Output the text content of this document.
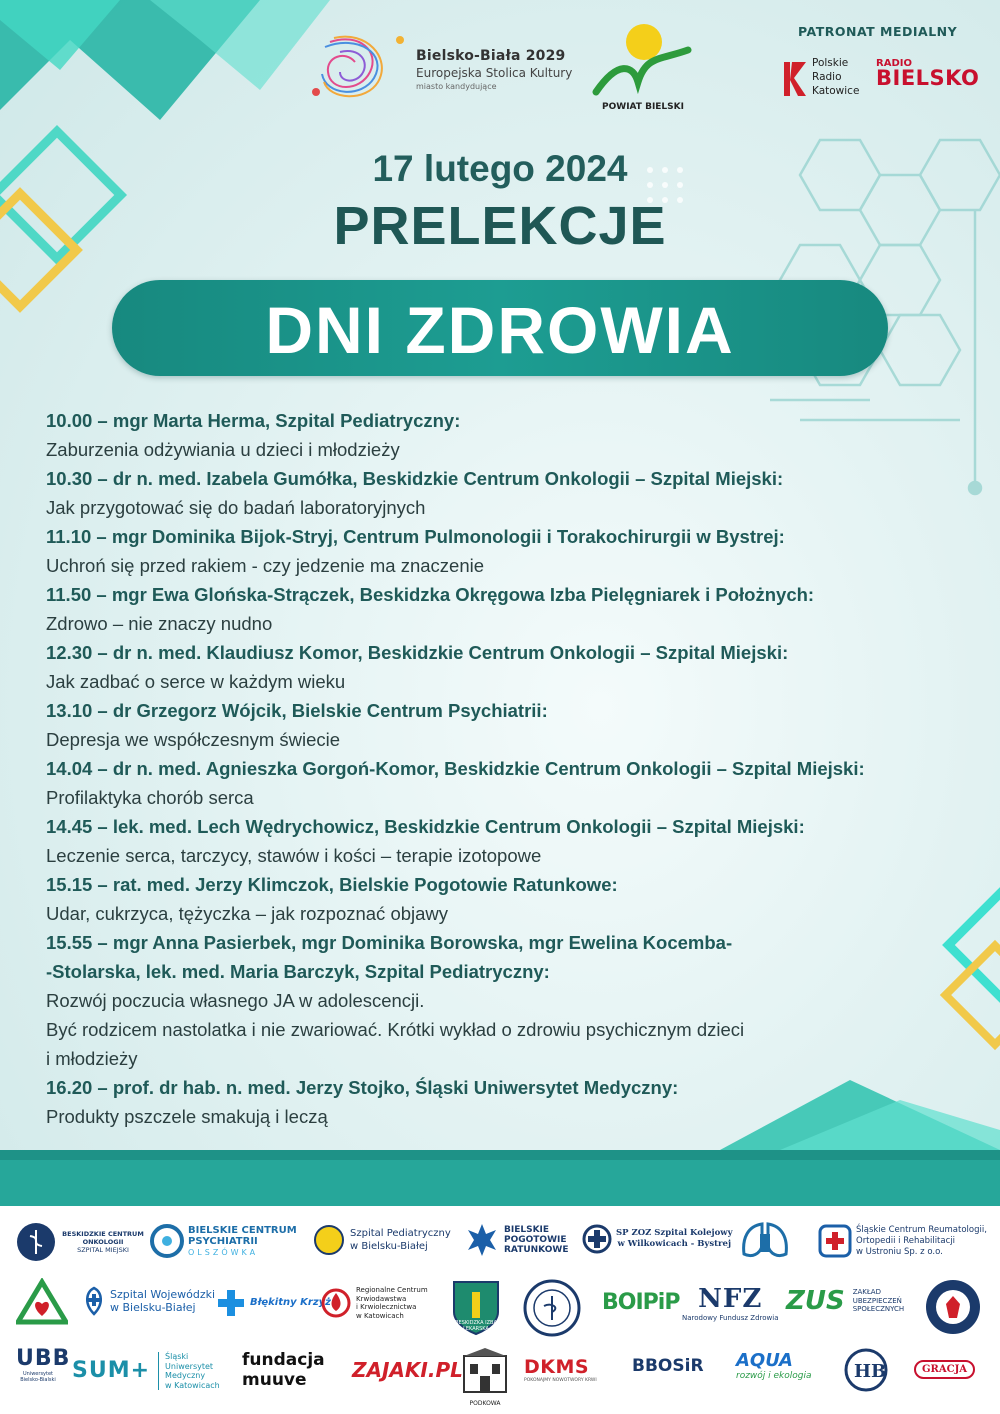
Bielsko-Biała 2029
Europejska Stolica Kultury
miasto kandydujące
POWIAT BIELSKI
PATRONAT MEDIALNY
Polskie
Radio
Katowice
RADIO
BIELSKO
17 lutego 2024
PRELEKCJE
DNI ZDROWIA
10.00 – mgr Marta Herma, Szpital Pediatryczny:
Zaburzenia odżywiania u dzieci i młodzieży
10.30 – dr n. med. Izabela Gumółka, Beskidzkie Centrum Onkologii – Szpital Miejski:
Jak przygotować się do badań laboratoryjnych
11.10 – mgr Dominika Bijok-Stryj, Centrum Pulmonologii i Torakochirurgii w Bystrej:
Uchroń się przed rakiem - czy jedzenie ma znaczenie
11.50 – mgr Ewa Glońska-Strączek, Beskidzka Okręgowa Izba Pielęgniarek i Położnych:
Zdrowo – nie znaczy nudno
12.30 – dr n. med. Klaudiusz Komor, Beskidzkie Centrum Onkologii – Szpital Miejski:
Jak zadbać o serce w każdym wieku
13.10 – dr Grzegorz Wójcik, Bielskie Centrum Psychiatrii:
Depresja we współczesnym świecie
14.04 – dr n. med. Agnieszka Gorgoń-Komor, Beskidzkie Centrum Onkologii – Szpital Miejski:
Profilaktyka chorób serca
14.45 – lek. med. Lech Wędrychowicz, Beskidzkie Centrum Onkologii – Szpital Miejski:
Leczenie serca, tarczycy, stawów i kości – terapie izotopowe
15.15 – rat. med. Jerzy Klimczok, Bielskie Pogotowie Ratunkowe:
Udar, cukrzyca, tężyczka – jak rozpoznać objawy
15.55 – mgr Anna Pasierbek, mgr Dominika Borowska, mgr Ewelina Kocemba-
-Stolarska, lek. med. Maria Barczyk, Szpital Pediatryczny:
Rozwój poczucia własnego JA w adolescencji.
Być rodzicem nastolatka i nie zwariować. Krótki wykład o zdrowiu psychicznym dzieci
i młodzieży
16.20 – prof. dr hab. n. med. Jerzy Stojko, Śląski Uniwersytet Medyczny:
Produkty pszczele smakują i leczą
BESKIDZKIE CENTRUM ONKOLOGII
SZPITAL MIEJSKI
BIELSKIE CENTRUM
PSYCHIATRII
OLSZÓWKA
Szpital Pediatryczny
w Bielsku-Białej
BIELSKIE
POGOTOWIE
RATUNKOWE
SP ZOZ Szpital Kolejowy
w Wilkowicach - Bystrej
Śląskie Centrum Reumatologii,
Ortopedii i Rehabilitacji
w Ustroniu Sp. z o.o.
Szpital Wojewódzki
w Bielsku-Białej	Błękitny Krzyż
Regionalne Centrum
Krwiodawstwa
i Krwiolecznictwa
w Katowicach
BESKIDZKA IZBA LEKARSKA
BOIPiP NFZ
Narodowy Fundusz Zdrowia
ZUS ZAKŁAD
UBEZPIECZEŃ
SPOŁECZNYCH
UBB
Uniwersytet Bielsko-Bialski SUM+
Śląski
Uniwersytet
Medyczny
w Katowicach
fundacja
muuve	ZAJAKI.PL
PODKOWA
DKMS
POKONAJMY NOWOTWORY KRWI
BBOSiR AQUA
rozwój i ekologia HB	GRACJA
